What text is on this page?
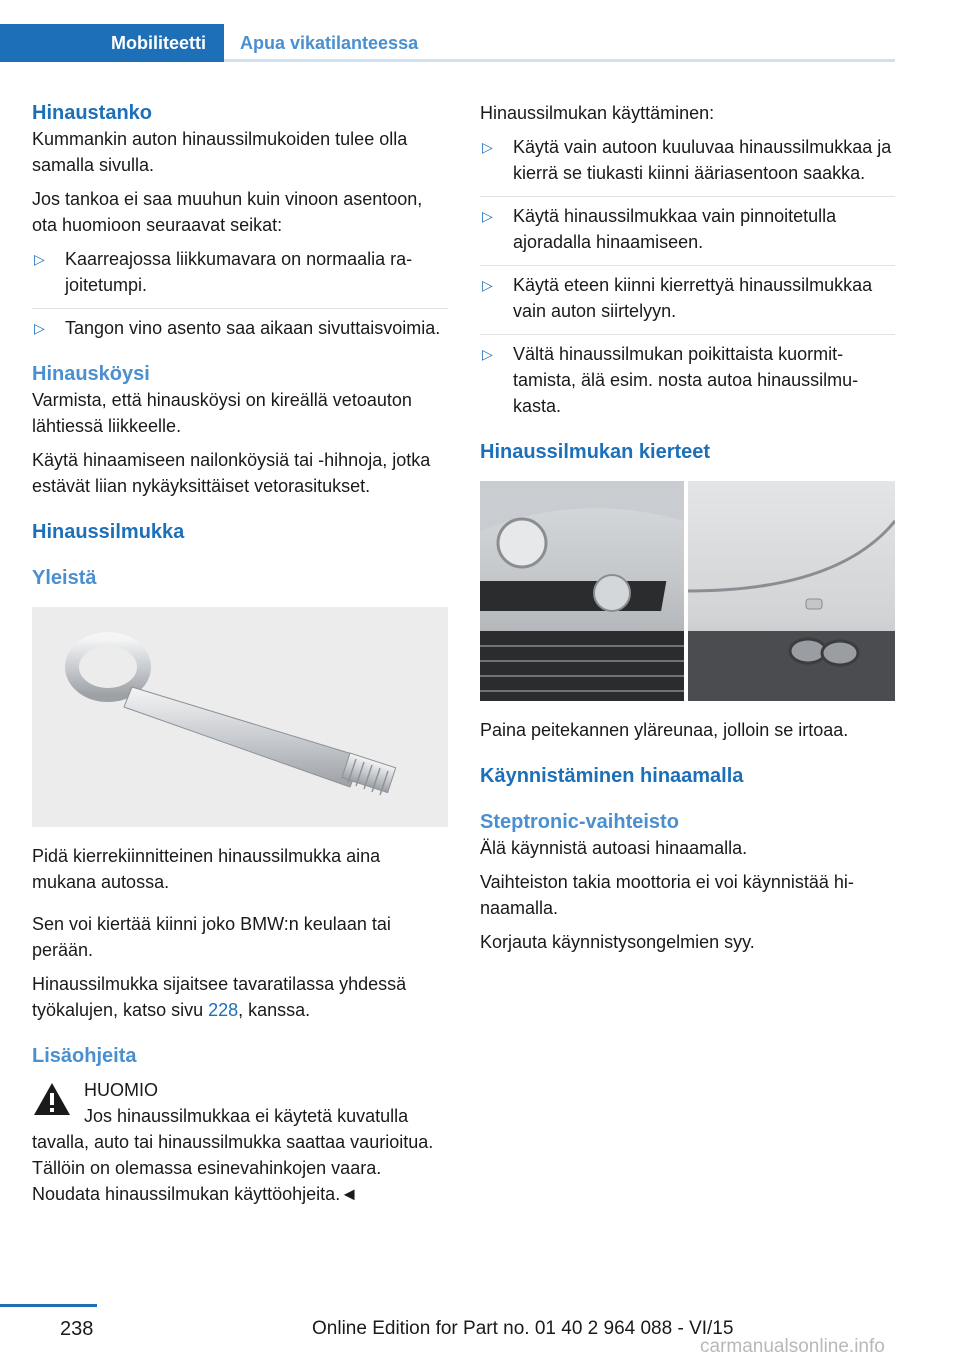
Mobiliteetti	Apua vikatilanteessa
Hinaustanko

Kummankin auton hinaussilmukoiden tulee olla samalla sivulla.

Jos tankoa ei saa muuhun kuin vinoon asentoon, ota huomioon seuraavat seikat:

▷ Kaarreajossa liikkumavara on normaalia rajoitetumpi.
▷ Tangon vino asento saa aikaan sivuttaisvoimia.
Hinausköysi

Varmista, että hinausköysi on kireällä vetoauton lähtiessä liikkeelle.

Käytä hinaamiseen nailonköysiä tai -hihnoja, jotka estävät liian nykäyksittäiset vetorasitukset.

Hinaussilmukka
Yleistä

Pidä kierrekiinnitteinen hinaussilmukka aina mukana autossa.

Sen voi kiertää kiinni joko BMW:n keulaan tai perään.

Hinaussilmukka sijaitsee tavaratilassa yhdessä työkalujen, katso sivu 228, kanssa.

Lisäohjeita
HUOMIO

Jos hinaussilmukkaa ei käytetä kuvatulla tavalla, auto tai hinaussilmukka saattaa vaurioitua. Tällöin on olemassa esinevahinkojen vaara. Noudata hinaussilmukan käyttöohjeita.◄

Hinaussilmukan käyttäminen:

▷ Käytä vain autoon kuuluvaa hinaussilmukkaa ja kierrä se tiukasti kiinni ääriasentoon saakka.
▷ Käytä hinaussilmukkaa vain pinnoitetulla ajoradalla hinaamiseen.
▷ Käytä eteen kiinni kierrettyä hinaussilmukkaa vain auton siirtelyyn.
▷ Vältä hinaussilmukan poikittaista kuormittamista, älä esim. nosta autoa hinaussilmukasta.
Hinaussilmukan kierteet

Paina peitekannen yläreunaa, jolloin se irtoaa.

Käynnistäminen hinaamalla
Steptronic-vaihteisto

Älä käynnistä autoasi hinaamalla.

Vaihteiston takia moottoria ei voi käynnistää hinaamalla.

Korjauta käynnistysongelmien syy.

238	Online Edition for Part no. 01 40 2 964 088 - VI/15
carmanualsonline.info
